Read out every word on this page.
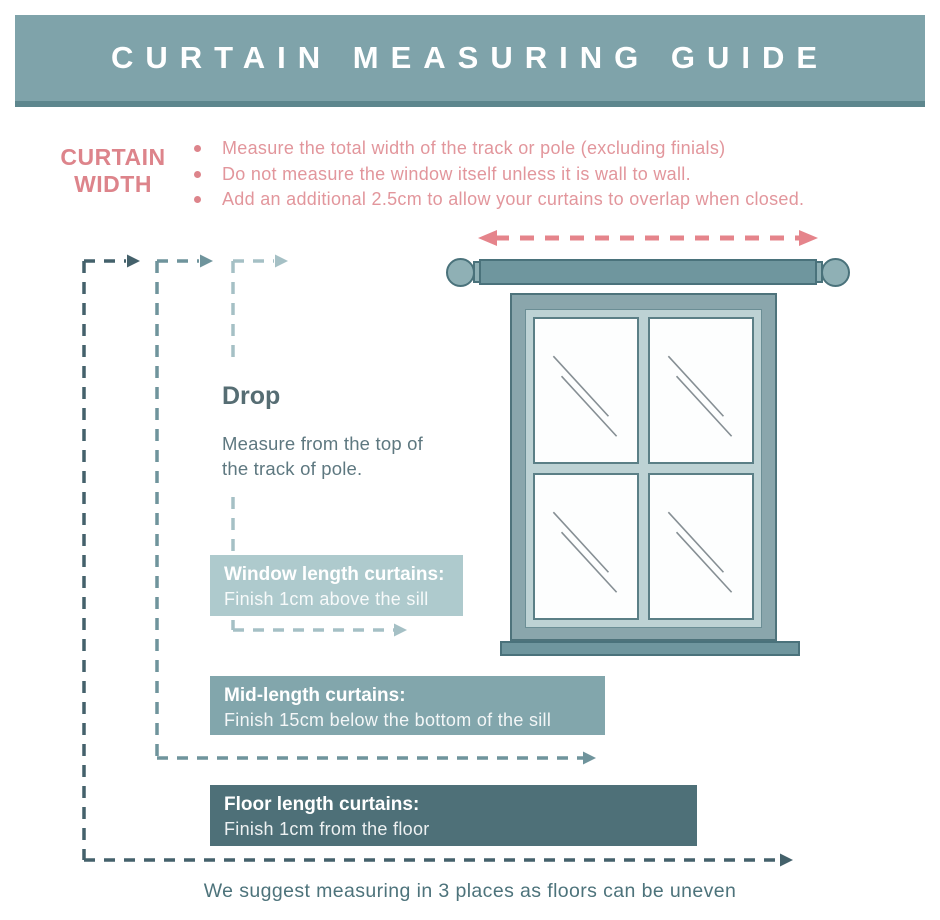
CURTAIN MEASURING GUIDE
CURTAIN WIDTH
Measure the total width of the track or pole (excluding finials)
Do not measure the window itself unless it is wall to wall.
Add an additional 2.5cm to allow your curtains to overlap when closed.
Drop

Measure from the top of the track of pole.

Window length curtains:
Finish 1cm above the sill
Mid-length curtains:
Finish 15cm below the bottom of the sill
Floor length curtains:
Finish 1cm from the floor
We suggest measuring in 3 places as floors can be uneven
